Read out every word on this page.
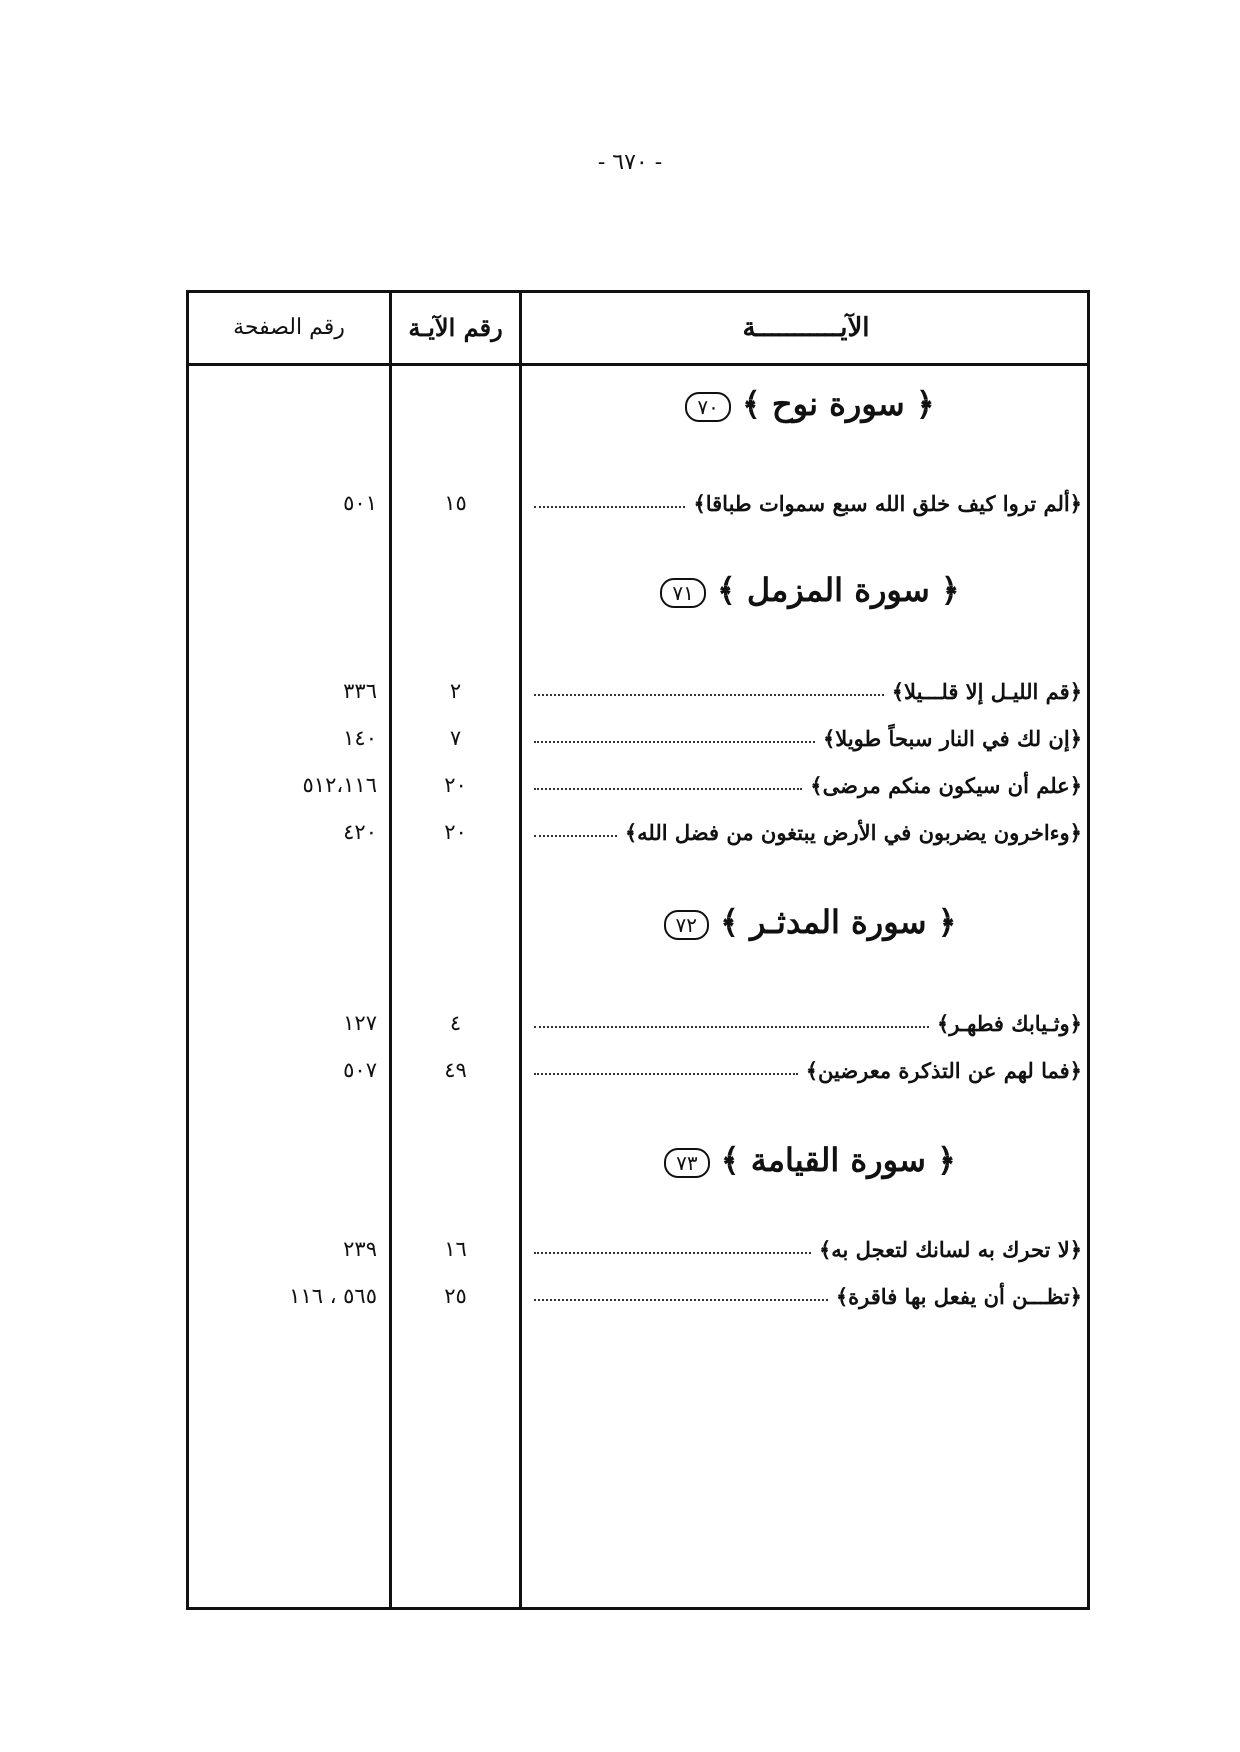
- ٦٧٠ -
رقم الصفحة	رقم الآيـة	الآيـــــــــــة
﴿ سورة نوح ﴾ ٧٠
٥٠١	١٥	﴿ألم تروا كيف خلق الله سبع سموات طباقا﴾
﴿ سورة المزمل ﴾ ٧١
٣٣٦	٢	﴿قم الليـل إلا قلـــيلا﴾
١٤٠	٧	﴿إن لك في النار سبحاً طويلا﴾
٥١٢،١١٦	٢٠	﴿علم أن سيكون منكم مرضى﴾
٤٢٠	٢٠	﴿وءاخرون يضربون في الأرض يبتغون من فضل الله﴾
﴿ سورة المدثـر ﴾ ٧٢
١٢٧	٤	﴿وثـيابك فطهـر﴾
٥٠٧	٤٩	﴿فما لهم عن التذكرة معرضين﴾
﴿ سورة القيامة ﴾ ٧٣
٢٣٩	١٦	﴿لا تحرك به لسانك لتعجل به﴾
٥٦٥ ، ١١٦	٢٥	﴿تظـــن أن يفعل بها فاقرة﴾
